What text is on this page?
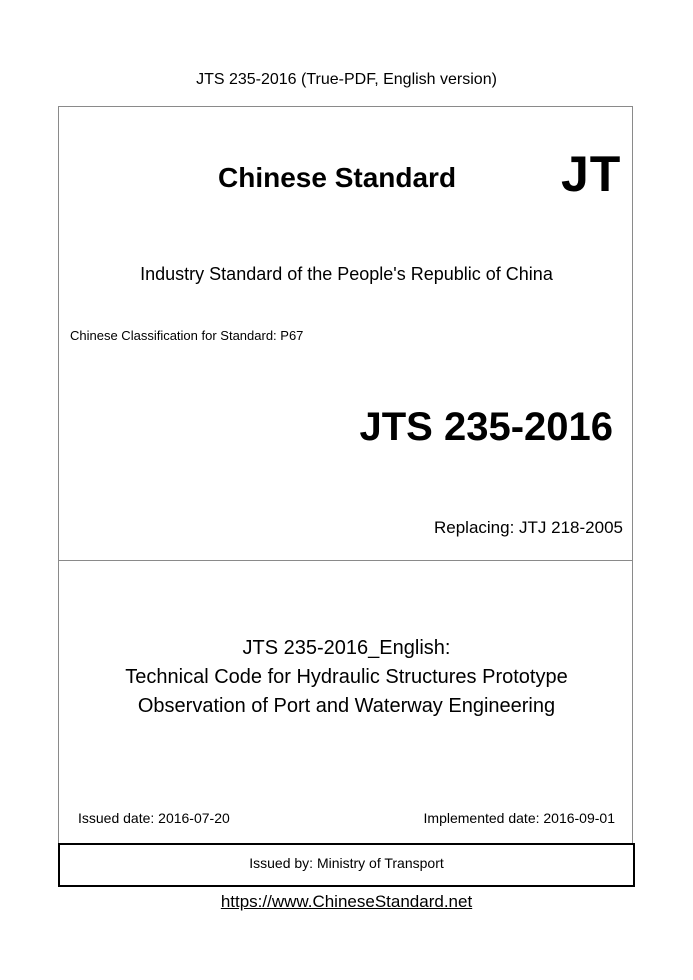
JTS 235-2016 (True-PDF, English version)
Chinese Standard JT
Industry Standard of the People's Republic of China
Chinese Classification for Standard: P67
JTS 235-2016
Replacing: JTJ 218-2005
JTS 235-2016_English:
Technical Code for Hydraulic Structures Prototype
Observation of Port and Waterway Engineering
Issued date: 2016-07-20	Implemented date: 2016-09-01
Issued by: Ministry of Transport
https://www.ChineseStandard.net
